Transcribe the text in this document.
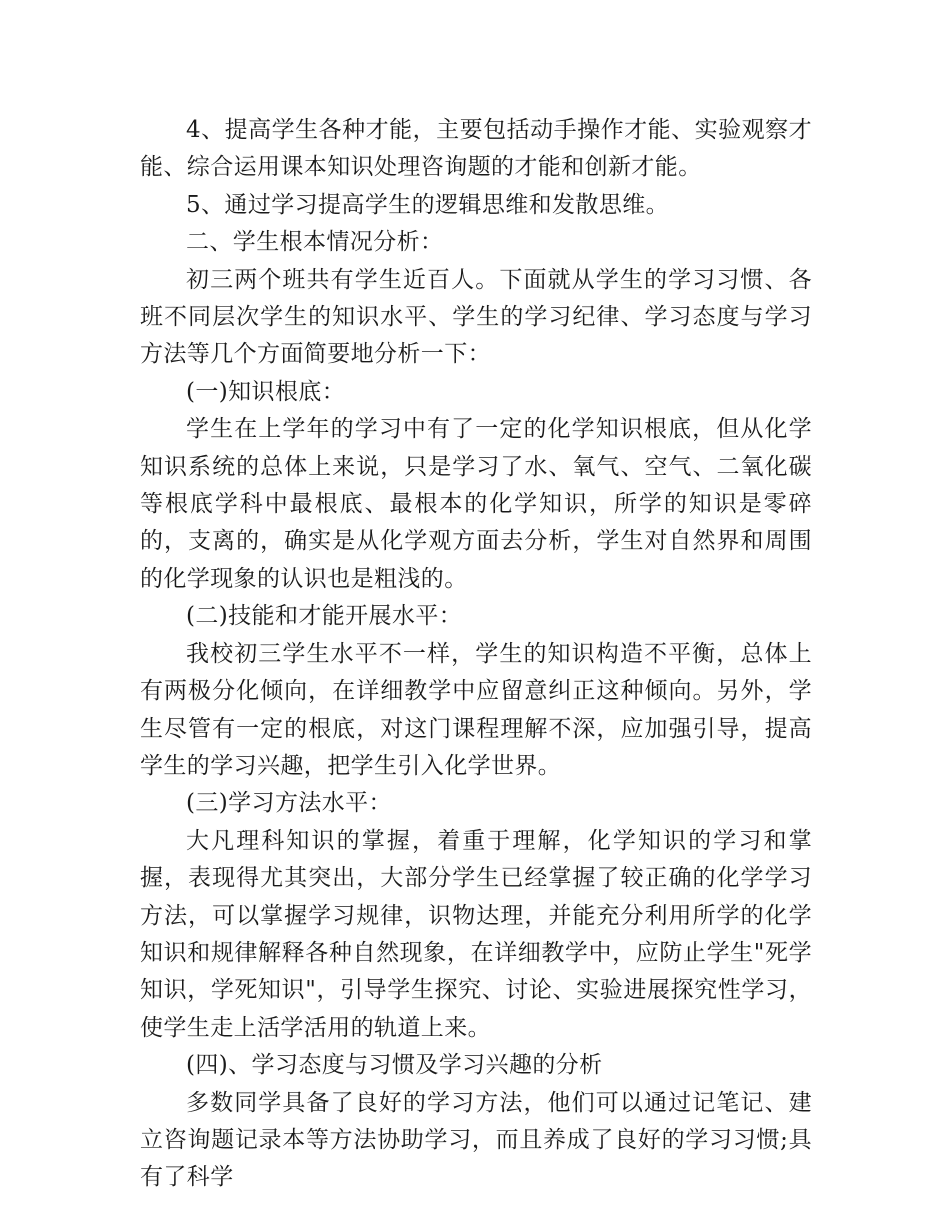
4、提高学生各种才能，主要包括动手操作才能、实验观察才能、综合运用课本知识处理咨询题的才能和创新才能。

5、通过学习提高学生的逻辑思维和发散思维。

二、学生根本情况分析：

初三两个班共有学生近百人。下面就从学生的学习习惯、各班不同层次学生的知识水平、学生的学习纪律、学习态度与学习方法等几个方面简要地分析一下：

(一)知识根底：

学生在上学年的学习中有了一定的化学知识根底，但从化学知识系统的总体上来说，只是学习了水、氧气、空气、二氧化碳等根底学科中最根底、最根本的化学知识，所学的知识是零碎的，支离的，确实是从化学观方面去分析，学生对自然界和周围的化学现象的认识也是粗浅的。

(二)技能和才能开展水平：

我校初三学生水平不一样，学生的知识构造不平衡，总体上有两极分化倾向，在详细教学中应留意纠正这种倾向。另外，学生尽管有一定的根底，对这门课程理解不深，应加强引导，提高学生的学习兴趣，把学生引入化学世界。

(三)学习方法水平：

大凡理科知识的掌握，着重于理解，化学知识的学习和掌握，表现得尤其突出，大部分学生已经掌握了较正确的化学学习方法，可以掌握学习规律，识物达理，并能充分利用所学的化学知识和规律解释各种自然现象，在详细教学中，应防止学生"死学知识，学死知识"，引导学生探究、讨论、实验进展探究性学习，使学生走上活学活用的轨道上来。

(四)、学习态度与习惯及学习兴趣的分析

多数同学具备了良好的学习方法，他们可以通过记笔记、建立咨询题记录本等方法协助学习，而且养成了良好的学习习惯;具有了科学
